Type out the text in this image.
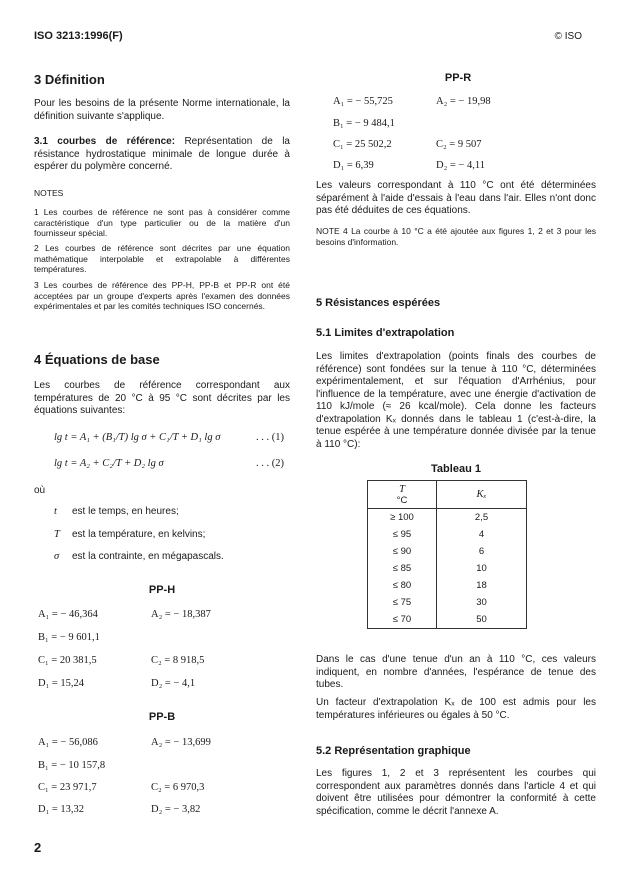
ISO 3213:1996(F)	© ISO
3 Définition
Pour les besoins de la présente Norme internationale, la définition suivante s'applique.
3.1 courbes de référence: Représentation de la résistance hydrostatique minimale de longue durée à espérer du polymère concerné.
NOTES
1 Les courbes de référence ne sont pas à considérer comme caractéristique d'un type particulier ou de la matière d'un fournisseur spécial.
2 Les courbes de référence sont décrites par une équation mathématique interpolable et extrapolable à différentes températures.
3 Les courbes de référence des PP-H, PP-B et PP-R ont été acceptées par un groupe d'experts après l'examen des données expérimentales et par les comités techniques ISO concernés.
4 Équations de base
Les courbes de référence correspondant aux températures de 20 °C à 95 °C sont décrites par les équations suivantes:
lg t = A₁ + (B₁/T) lg σ + C₁/T + D₁ lg σ	. . . (1)
lg t = A₂ + C₂/T + D₂ lg σ	. . . (2)
où
t est le temps, en heures;
T est la température, en kelvins;
σ est la contrainte, en mégapascals.
PP-H
A₁ = − 46,364	A₂ = − 18,387
B₁ = − 9 601,1
C₁ = 20 381,5	C₂ = 8 918,5
D₁ = 15,24	D₂ = − 4,1
PP-B
A₁ = − 56,086	A₂ = − 13,699
B₁ = − 10 157,8
C₁ = 23 971,7	C₂ = 6 970,3
D₁ = 13,32	D₂ = − 3,82
2
PP-R
A₁ = − 55,725	A₂ = − 19,98
B₁ = − 9 484,1
C₁ = 25 502,2	C₂ = 9 507
D₁ = 6,39	D₂ = − 4,11
Les valeurs correspondant à 110 °C ont été déterminées séparément à l'aide d'essais à l'eau dans l'air. Elles n'ont donc pas été déduites de ces équations.
NOTE 4 La courbe à 10 °C a été ajoutée aux figures 1, 2 et 3 pour les besoins d'information.
5 Résistances espérées
5.1 Limites d'extrapolation
Les limites d'extrapolation (points finals des courbes de référence) sont fondées sur la tenue à 110 °C, déterminées expérimentalement, et sur l'équation d'Arrhénius, pour l'influence de la température, avec une énergie d'activation de 110 kJ/mole (≈ 26 kcal/mole). Cela donne les facteurs d'extrapolation Kₓ donnés dans le tableau 1 (c'est-à-dire, la tenue espérée à une température donnée divisée par la tenue à 110 °C):
Tableau 1
T
°C	Kₓ
≥ 100	2,5
≤ 95	4
≤ 90	6
≤ 85	10
≤ 80	18
≤ 75	30
≤ 70	50
Dans le cas d'une tenue d'un an à 110 °C, ces valeurs indiquent, en nombre d'années, l'espérance de tenue des tubes.
Un facteur d'extrapolation Kₓ de 100 est admis pour les températures inférieures ou égales à 50 °C.
5.2 Représentation graphique
Les figures 1, 2 et 3 représentent les courbes qui correspondent aux paramètres donnés dans l'article 4 et qui doivent être utilisées pour démontrer la conformité à cette spécification, comme le décrit l'annexe A.
